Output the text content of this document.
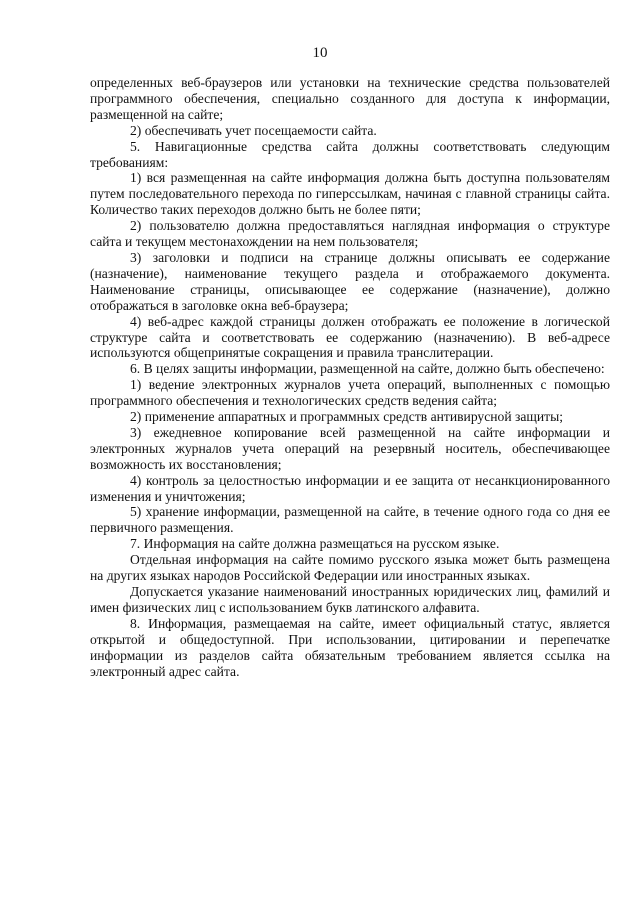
10

определенных веб-браузеров или установки на технические средства пользователей программного обеспечения, специально созданного для доступа к информации, размещенной на сайте;

2) обеспечивать учет посещаемости сайта.

5. Навигационные средства сайта должны соответствовать следующим требованиям:

1) вся размещенная на сайте информация должна быть доступна пользователям путем последовательного перехода по гиперссылкам, начиная с главной страницы сайта. Количество таких переходов должно быть не более пяти;

2) пользователю должна предоставляться наглядная информация о структуре сайта и текущем местонахождении на нем пользователя;

3) заголовки и подписи на странице должны описывать ее содержание (назначение), наименование текущего раздела и отображаемого документа. Наименование страницы, описывающее ее содержание (назначение), должно отображаться в заголовке окна веб-браузера;

4) веб-адрес каждой страницы должен отображать ее положение в логической структуре сайта и соответствовать ее содержанию (назначению). В веб-адресе используются общепринятые сокращения и правила транслитерации.

6. В целях защиты информации, размещенной на сайте, должно быть обеспечено:

1) ведение электронных журналов учета операций, выполненных с помощью программного обеспечения и технологических средств ведения сайта;

2) применение аппаратных и программных средств антивирусной защиты;

3) ежедневное копирование всей размещенной на сайте информации и электронных журналов учета операций на резервный носитель, обеспечивающее возможность их восстановления;

4) контроль за целостностью информации и ее защита от несанкционированного изменения и уничтожения;

5) хранение информации, размещенной на сайте, в течение одного года со дня ее первичного размещения.

7. Информация на сайте должна размещаться на русском языке.

Отдельная информация на сайте помимо русского языка может быть размещена на других языках народов Российской Федерации или иностранных языках.

Допускается указание наименований иностранных юридических лиц, фамилий и имен физических лиц с использованием букв латинского алфавита.

8. Информация, размещаемая на сайте, имеет официальный статус, является открытой и общедоступной. При использовании, цитировании и перепечатке информации из разделов сайта обязательным требованием является ссылка на электронный адрес сайта.
